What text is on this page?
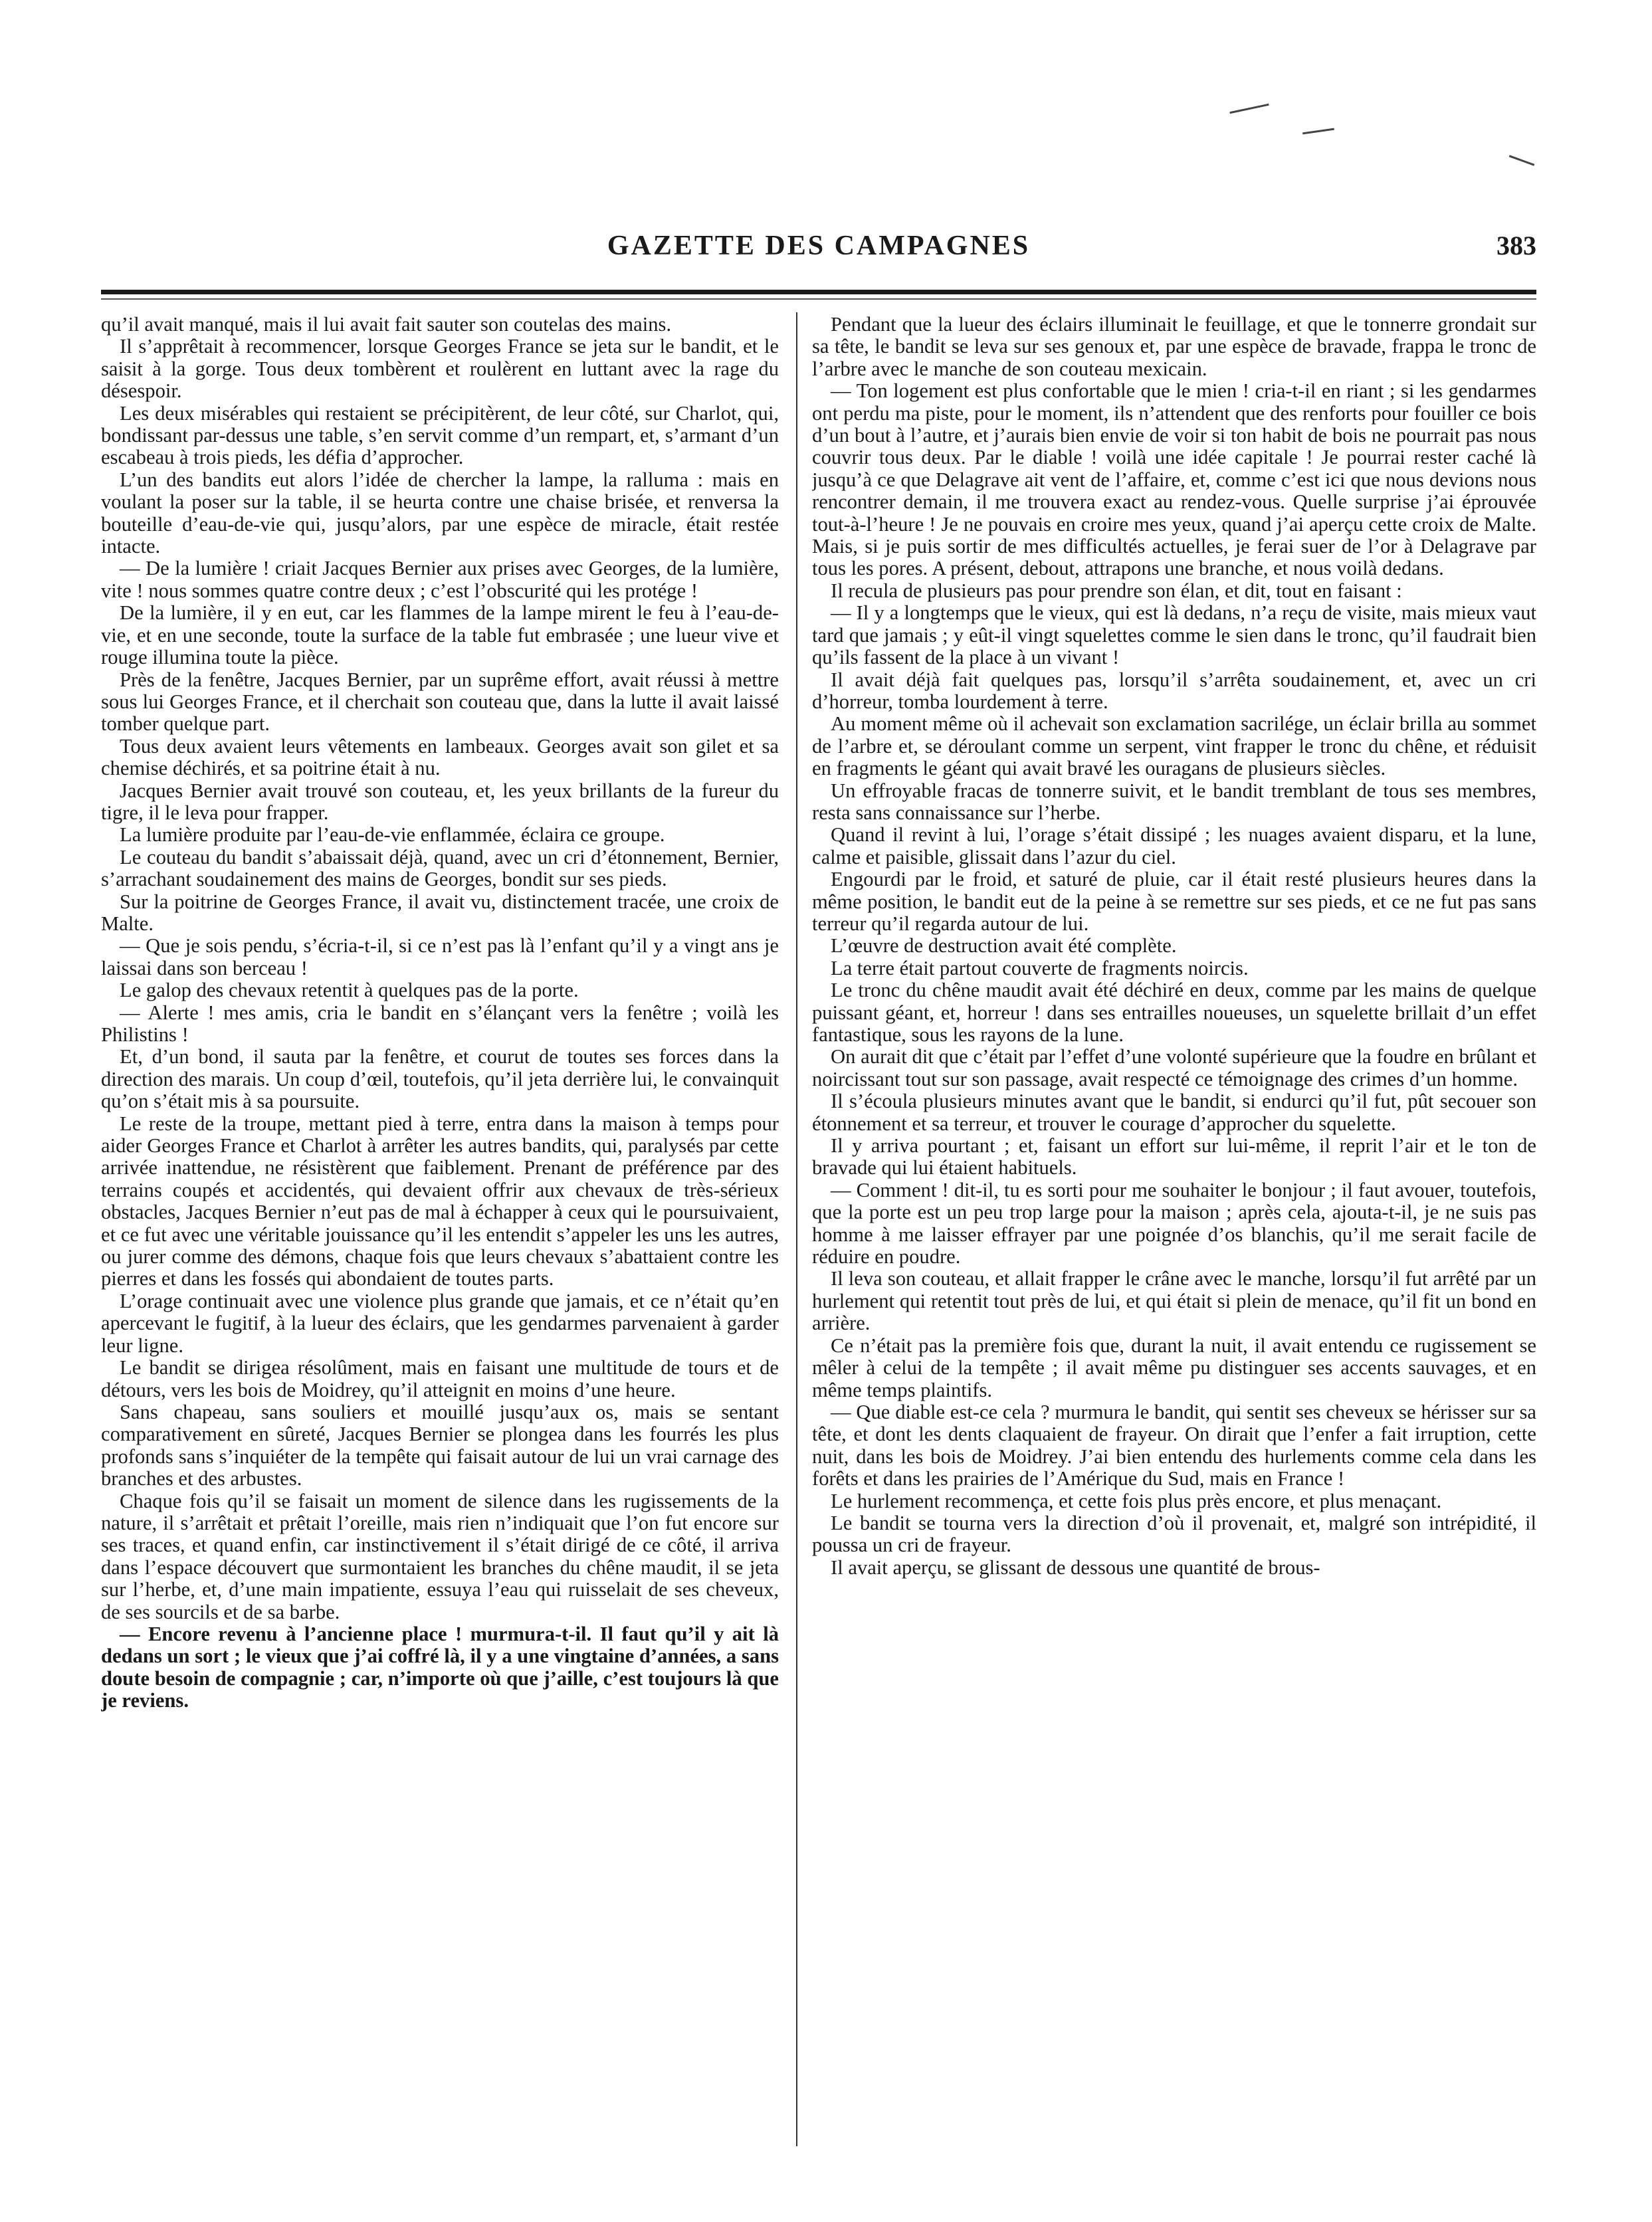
GAZETTE DES CAMPAGNES	383

qu’il avait manqué, mais il lui avait fait sauter son coutelas des mains.

Il s’apprêtait à recommencer, lorsque Georges France se jeta sur le bandit, et le saisit à la gorge. Tous deux tombèrent et roulèrent en luttant avec la rage du désespoir.

Les deux misérables qui restaient se précipitèrent, de leur côté, sur Charlot, qui, bondissant par-dessus une table, s’en servit comme d’un rempart, et, s’armant d’un escabeau à trois pieds, les défia d’approcher.

L’un des bandits eut alors l’idée de chercher la lampe, la ralluma : mais en voulant la poser sur la table, il se heurta contre une chaise brisée, et renversa la bouteille d’eau-de-vie qui, jusqu’alors, par une espèce de miracle, était restée intacte.

— De la lumière ! criait Jacques Bernier aux prises avec Georges, de la lumière, vite ! nous sommes quatre contre deux ; c’est l’obscurité qui les protége !

De la lumière, il y en eut, car les flammes de la lampe mirent le feu à l’eau-de-vie, et en une seconde, toute la surface de la table fut embrasée ; une lueur vive et rouge illumina toute la pièce.

Près de la fenêtre, Jacques Bernier, par un suprême effort, avait réussi à mettre sous lui Georges France, et il cherchait son couteau que, dans la lutte il avait laissé tomber quelque part.

Tous deux avaient leurs vêtements en lambeaux. Georges avait son gilet et sa chemise déchirés, et sa poitrine était à nu.

Jacques Bernier avait trouvé son couteau, et, les yeux brillants de la fureur du tigre, il le leva pour frapper.

La lumière produite par l’eau-de-vie enflammée, éclaira ce groupe.

Le couteau du bandit s’abaissait déjà, quand, avec un cri d’étonnement, Bernier, s’arrachant soudainement des mains de Georges, bondit sur ses pieds.

Sur la poitrine de Georges France, il avait vu, distinctement tracée, une croix de Malte.

— Que je sois pendu, s’écria-t-il, si ce n’est pas là l’enfant qu’il y a vingt ans je laissai dans son berceau !

Le galop des chevaux retentit à quelques pas de la porte.

— Alerte ! mes amis, cria le bandit en s’élançant vers la fenêtre ; voilà les Philistins !

Et, d’un bond, il sauta par la fenêtre, et courut de toutes ses forces dans la direction des marais. Un coup d’œil, toutefois, qu’il jeta derrière lui, le convainquit qu’on s’était mis à sa poursuite.

Le reste de la troupe, mettant pied à terre, entra dans la maison à temps pour aider Georges France et Charlot à arrêter les autres bandits, qui, paralysés par cette arrivée inattendue, ne résistèrent que faiblement. Prenant de préférence par des terrains coupés et accidentés, qui devaient offrir aux chevaux de très-sérieux obstacles, Jacques Bernier n’eut pas de mal à échapper à ceux qui le poursuivaient, et ce fut avec une véritable jouissance qu’il les entendit s’appeler les uns les autres, ou jurer comme des démons, chaque fois que leurs chevaux s’abattaient contre les pierres et dans les fossés qui abondaient de toutes parts.

L’orage continuait avec une violence plus grande que jamais, et ce n’était qu’en apercevant le fugitif, à la lueur des éclairs, que les gendarmes parvenaient à garder leur ligne.

Le bandit se dirigea résolûment, mais en faisant une multitude de tours et de détours, vers les bois de Moidrey, qu’il atteignit en moins d’une heure.

Sans chapeau, sans souliers et mouillé jusqu’aux os, mais se sentant comparativement en sûreté, Jacques Bernier se plongea dans les fourrés les plus profonds sans s’inquiéter de la tempête qui faisait autour de lui un vrai carnage des branches et des arbustes.

Chaque fois qu’il se faisait un moment de silence dans les rugissements de la nature, il s’arrêtait et prêtait l’oreille, mais rien n’indiquait que l’on fut encore sur ses traces, et quand enfin, car instinctivement il s’était dirigé de ce côté, il arriva dans l’espace découvert que surmontaient les branches du chêne maudit, il se jeta sur l’herbe, et, d’une main impatiente, essuya l’eau qui ruisselait de ses cheveux, de ses sourcils et de sa barbe.

— Encore revenu à l’ancienne place ! murmura-t-il. Il faut qu’il y ait là dedans un sort ; le vieux que j’ai coffré là, il y a une vingtaine d’années, a sans doute besoin de compagnie ; car, n’importe où que j’aille, c’est toujours là que je reviens.

Pendant que la lueur des éclairs illuminait le feuillage, et que le tonnerre grondait sur sa tête, le bandit se leva sur ses genoux et, par une espèce de bravade, frappa le tronc de l’arbre avec le manche de son couteau mexicain.

— Ton logement est plus confortable que le mien ! cria-t-il en riant ; si les gendarmes ont perdu ma piste, pour le moment, ils n’attendent que des renforts pour fouiller ce bois d’un bout à l’autre, et j’aurais bien envie de voir si ton habit de bois ne pourrait pas nous couvrir tous deux. Par le diable ! voilà une idée capitale ! Je pourrai rester caché là jusqu’à ce que Delagrave ait vent de l’affaire, et, comme c’est ici que nous devions nous rencontrer demain, il me trouvera exact au rendez-vous. Quelle surprise j’ai éprouvée tout-à-l’heure ! Je ne pouvais en croire mes yeux, quand j’ai aperçu cette croix de Malte. Mais, si je puis sortir de mes difficultés actuelles, je ferai suer de l’or à Delagrave par tous les pores. A présent, debout, attrapons une branche, et nous voilà dedans.

Il recula de plusieurs pas pour prendre son élan, et dit, tout en faisant :

— Il y a longtemps que le vieux, qui est là dedans, n’a reçu de visite, mais mieux vaut tard que jamais ; y eût-il vingt squelettes comme le sien dans le tronc, qu’il faudrait bien qu’ils fassent de la place à un vivant !

Il avait déjà fait quelques pas, lorsqu’il s’arrêta soudainement, et, avec un cri d’horreur, tomba lourdement à terre.

Au moment même où il achevait son exclamation sacrilége, un éclair brilla au sommet de l’arbre et, se déroulant comme un serpent, vint frapper le tronc du chêne, et réduisit en fragments le géant qui avait bravé les ouragans de plusieurs siècles.

Un effroyable fracas de tonnerre suivit, et le bandit tremblant de tous ses membres, resta sans connaissance sur l’herbe.

Quand il revint à lui, l’orage s’était dissipé ; les nuages avaient disparu, et la lune, calme et paisible, glissait dans l’azur du ciel.

Engourdi par le froid, et saturé de pluie, car il était resté plusieurs heures dans la même position, le bandit eut de la peine à se remettre sur ses pieds, et ce ne fut pas sans terreur qu’il regarda autour de lui.

L’œuvre de destruction avait été complète.

La terre était partout couverte de fragments noircis.

Le tronc du chêne maudit avait été déchiré en deux, comme par les mains de quelque puissant géant, et, horreur ! dans ses entrailles noueuses, un squelette brillait d’un effet fantastique, sous les rayons de la lune.

On aurait dit que c’était par l’effet d’une volonté supérieure que la foudre en brûlant et noircissant tout sur son passage, avait respecté ce témoignage des crimes d’un homme.

Il s’écoula plusieurs minutes avant que le bandit, si endurci qu’il fut, pût secouer son étonnement et sa terreur, et trouver le courage d’approcher du squelette.

Il y arriva pourtant ; et, faisant un effort sur lui-même, il reprit l’air et le ton de bravade qui lui étaient habituels.

— Comment ! dit-il, tu es sorti pour me souhaiter le bonjour ; il faut avouer, toutefois, que la porte est un peu trop large pour la maison ; après cela, ajouta-t-il, je ne suis pas homme à me laisser effrayer par une poignée d’os blanchis, qu’il me serait facile de réduire en poudre.

Il leva son couteau, et allait frapper le crâne avec le manche, lorsqu’il fut arrêté par un hurlement qui retentit tout près de lui, et qui était si plein de menace, qu’il fit un bond en arrière.

Ce n’était pas la première fois que, durant la nuit, il avait entendu ce rugissement se mêler à celui de la tempête ; il avait même pu distinguer ses accents sauvages, et en même temps plaintifs.

— Que diable est-ce cela ? murmura le bandit, qui sentit ses cheveux se hérisser sur sa tête, et dont les dents claquaient de frayeur. On dirait que l’enfer a fait irruption, cette nuit, dans les bois de Moidrey. J’ai bien entendu des hurlements comme cela dans les forêts et dans les prairies de l’Amérique du Sud, mais en France !

Le hurlement recommença, et cette fois plus près encore, et plus menaçant.

Le bandit se tourna vers la direction d’où il provenait, et, malgré son intrépidité, il poussa un cri de frayeur.

Il avait aperçu, se glissant de dessous une quantité de brous-
